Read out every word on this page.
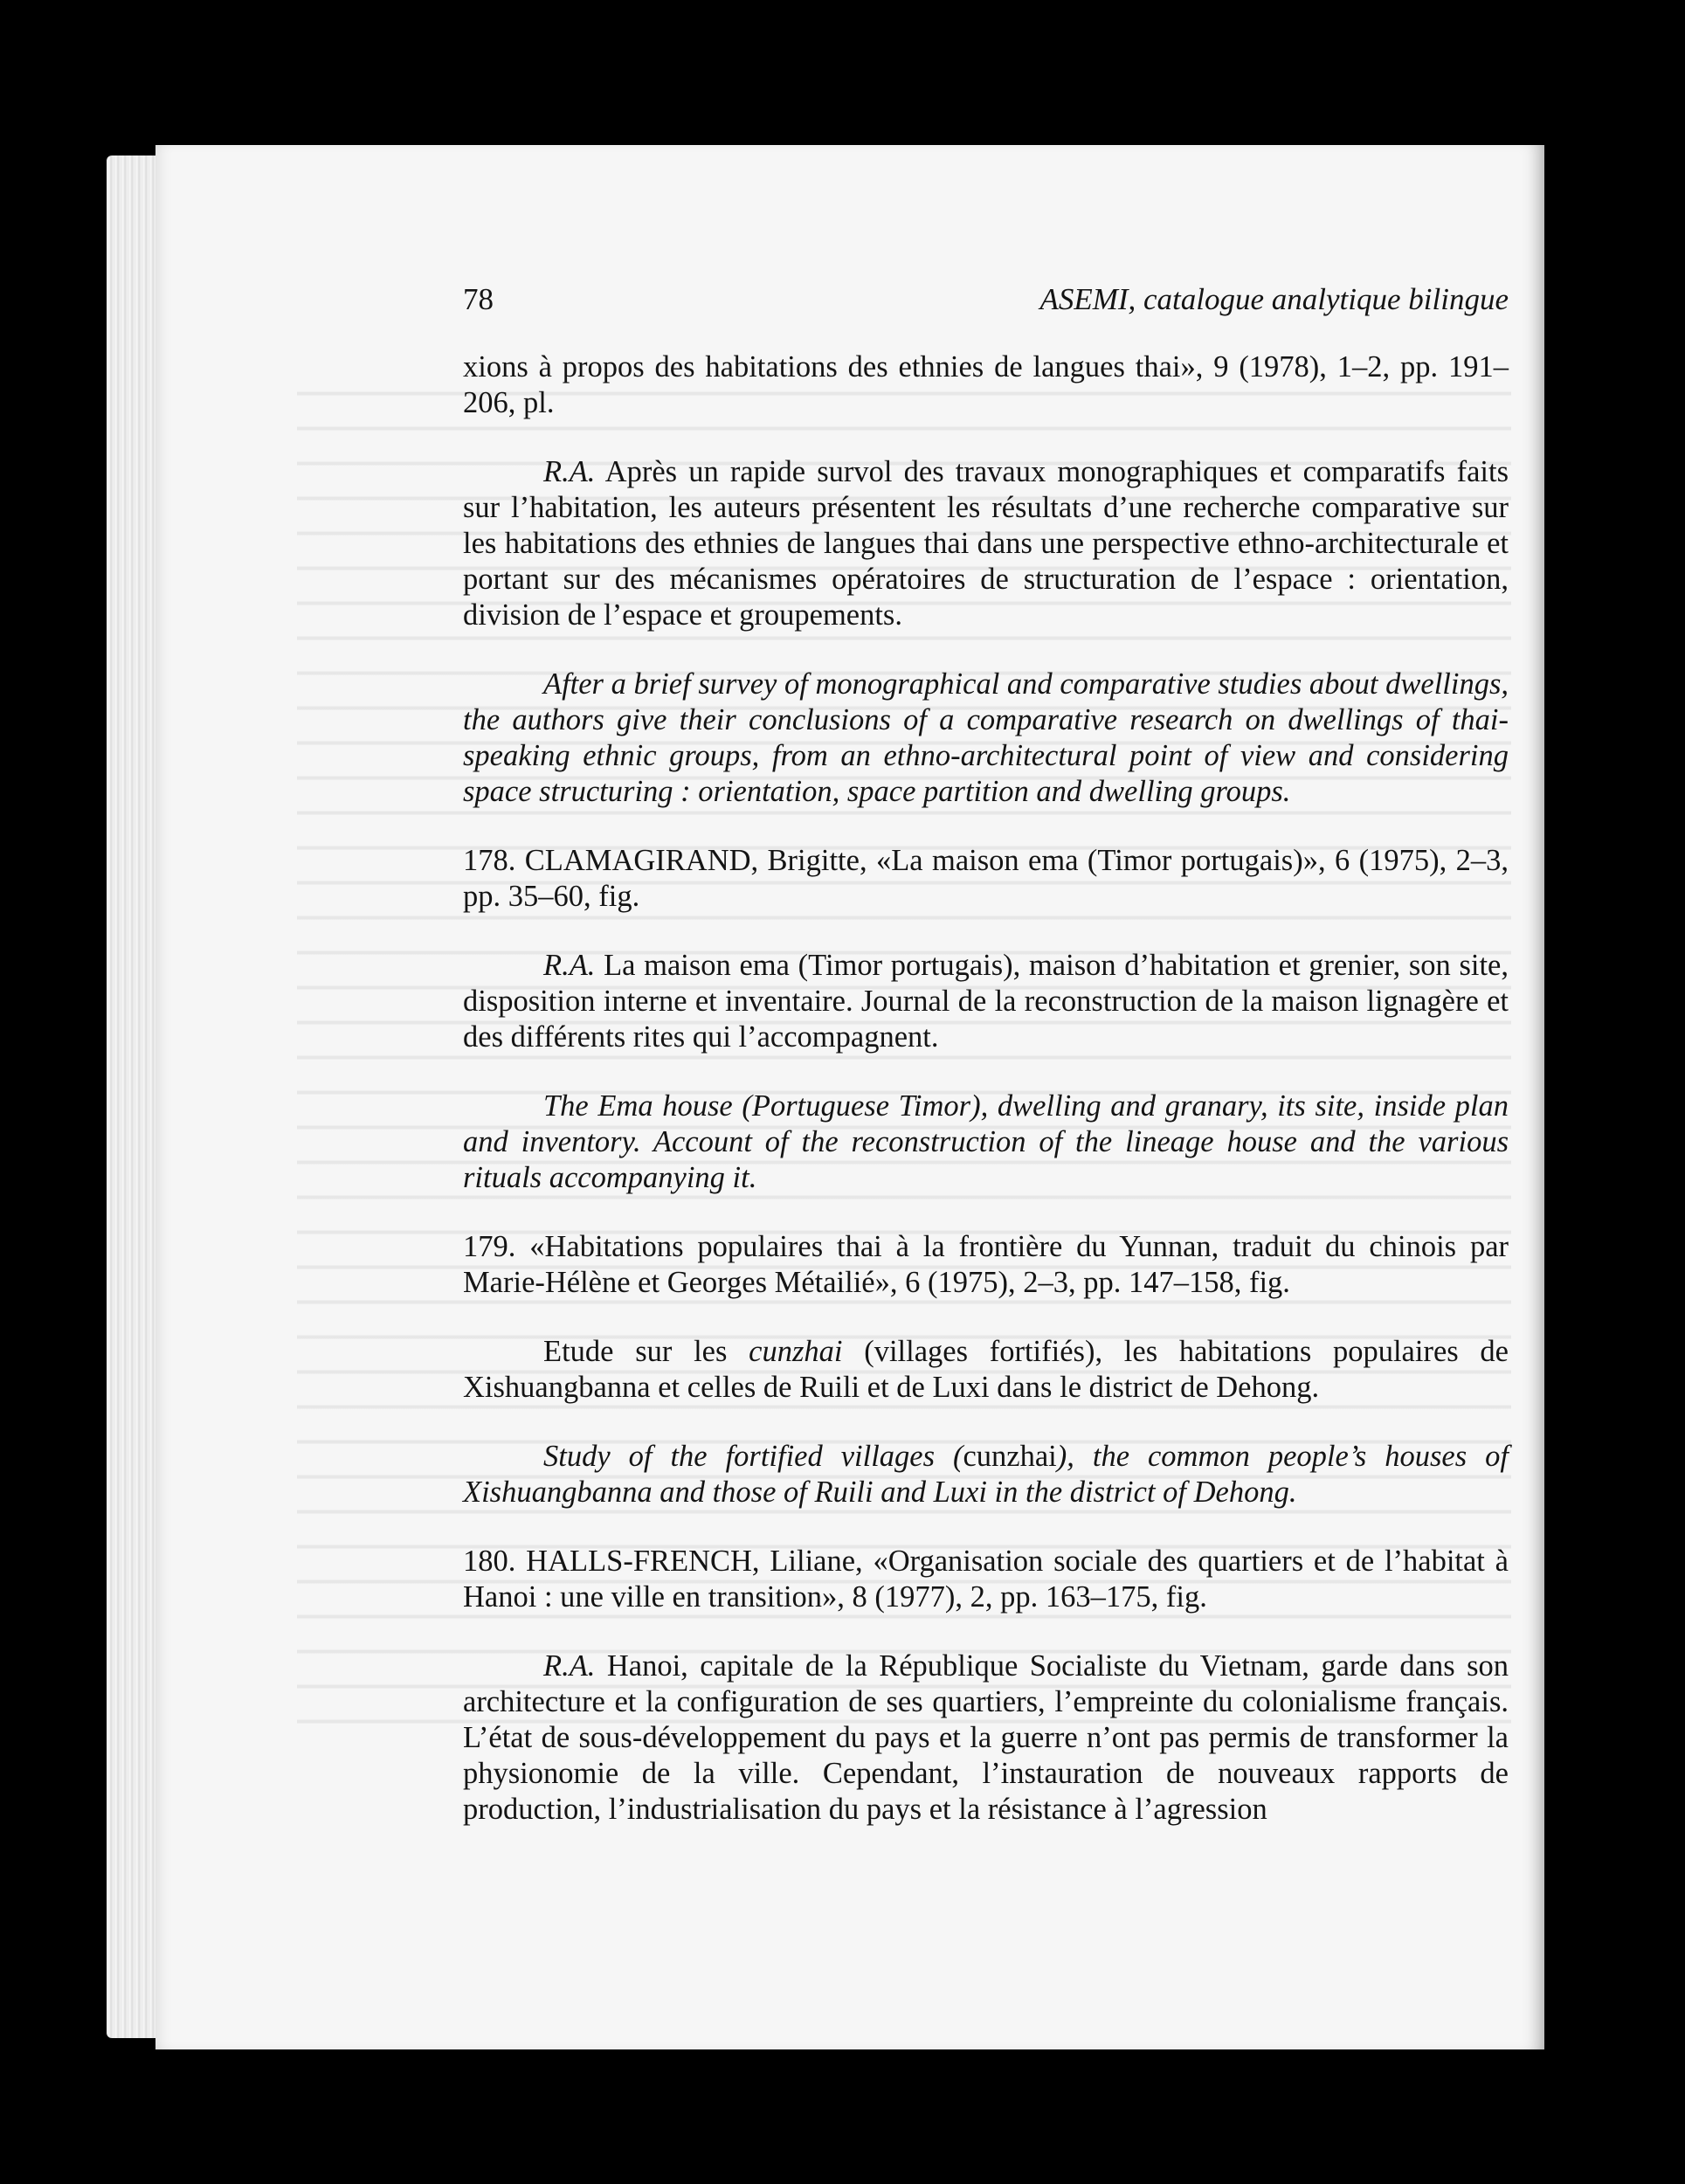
78	ASEMI, catalogue analytique bilingue

xions à propos des habitations des ethnies de langues thai», 9 (1978), 1–2, pp. 191–206, pl.

R.A. Après un rapide survol des travaux monographiques et comparatifs faits sur l’habitation, les auteurs présentent les résultats d’une recherche comparative sur les habitations des ethnies de langues thai dans une perspective ethno-architecturale et portant sur des mécanismes opératoires de structuration de l’espace : orientation, division de l’espace et groupements.

After a brief survey of monographical and comparative studies about dwellings, the authors give their conclusions of a comparative research on dwellings of thai-speaking ethnic groups, from an ethno-architectural point of view and considering space structuring : orientation, space partition and dwelling groups.

178. CLAMAGIRAND, Brigitte, «La maison ema (Timor portugais)», 6 (1975), 2–3, pp. 35–60, fig.

R.A. La maison ema (Timor portugais), maison d’habitation et grenier, son site, disposition interne et inventaire. Journal de la reconstruction de la maison lignagère et des différents rites qui l’accompagnent.

The Ema house (Portuguese Timor), dwelling and granary, its site, inside plan and inventory. Account of the reconstruction of the lineage house and the various rituals accompanying it.

179. «Habitations populaires thai à la frontière du Yunnan, traduit du chinois par Marie-Hélène et Georges Métailié», 6 (1975), 2–3, pp. 147–158, fig.

Etude sur les cunzhai (villages fortifiés), les habitations populaires de Xishuangbanna et celles de Ruili et de Luxi dans le district de Dehong.

Study of the fortified villages (cunzhai), the common people’s houses of Xishuangbanna and those of Ruili and Luxi in the district of Dehong.

180. HALLS-FRENCH, Liliane, «Organisation sociale des quartiers et de l’habitat à Hanoi : une ville en transition», 8 (1977), 2, pp. 163–175, fig.

R.A. Hanoi, capitale de la République Socialiste du Vietnam, garde dans son architecture et la configuration de ses quartiers, l’empreinte du colonialisme français. L’état de sous-développement du pays et la guerre n’ont pas permis de transformer la physionomie de la ville. Cependant, l’instauration de nouveaux rapports de production, l’industrialisation du pays et la résistance à l’agression
